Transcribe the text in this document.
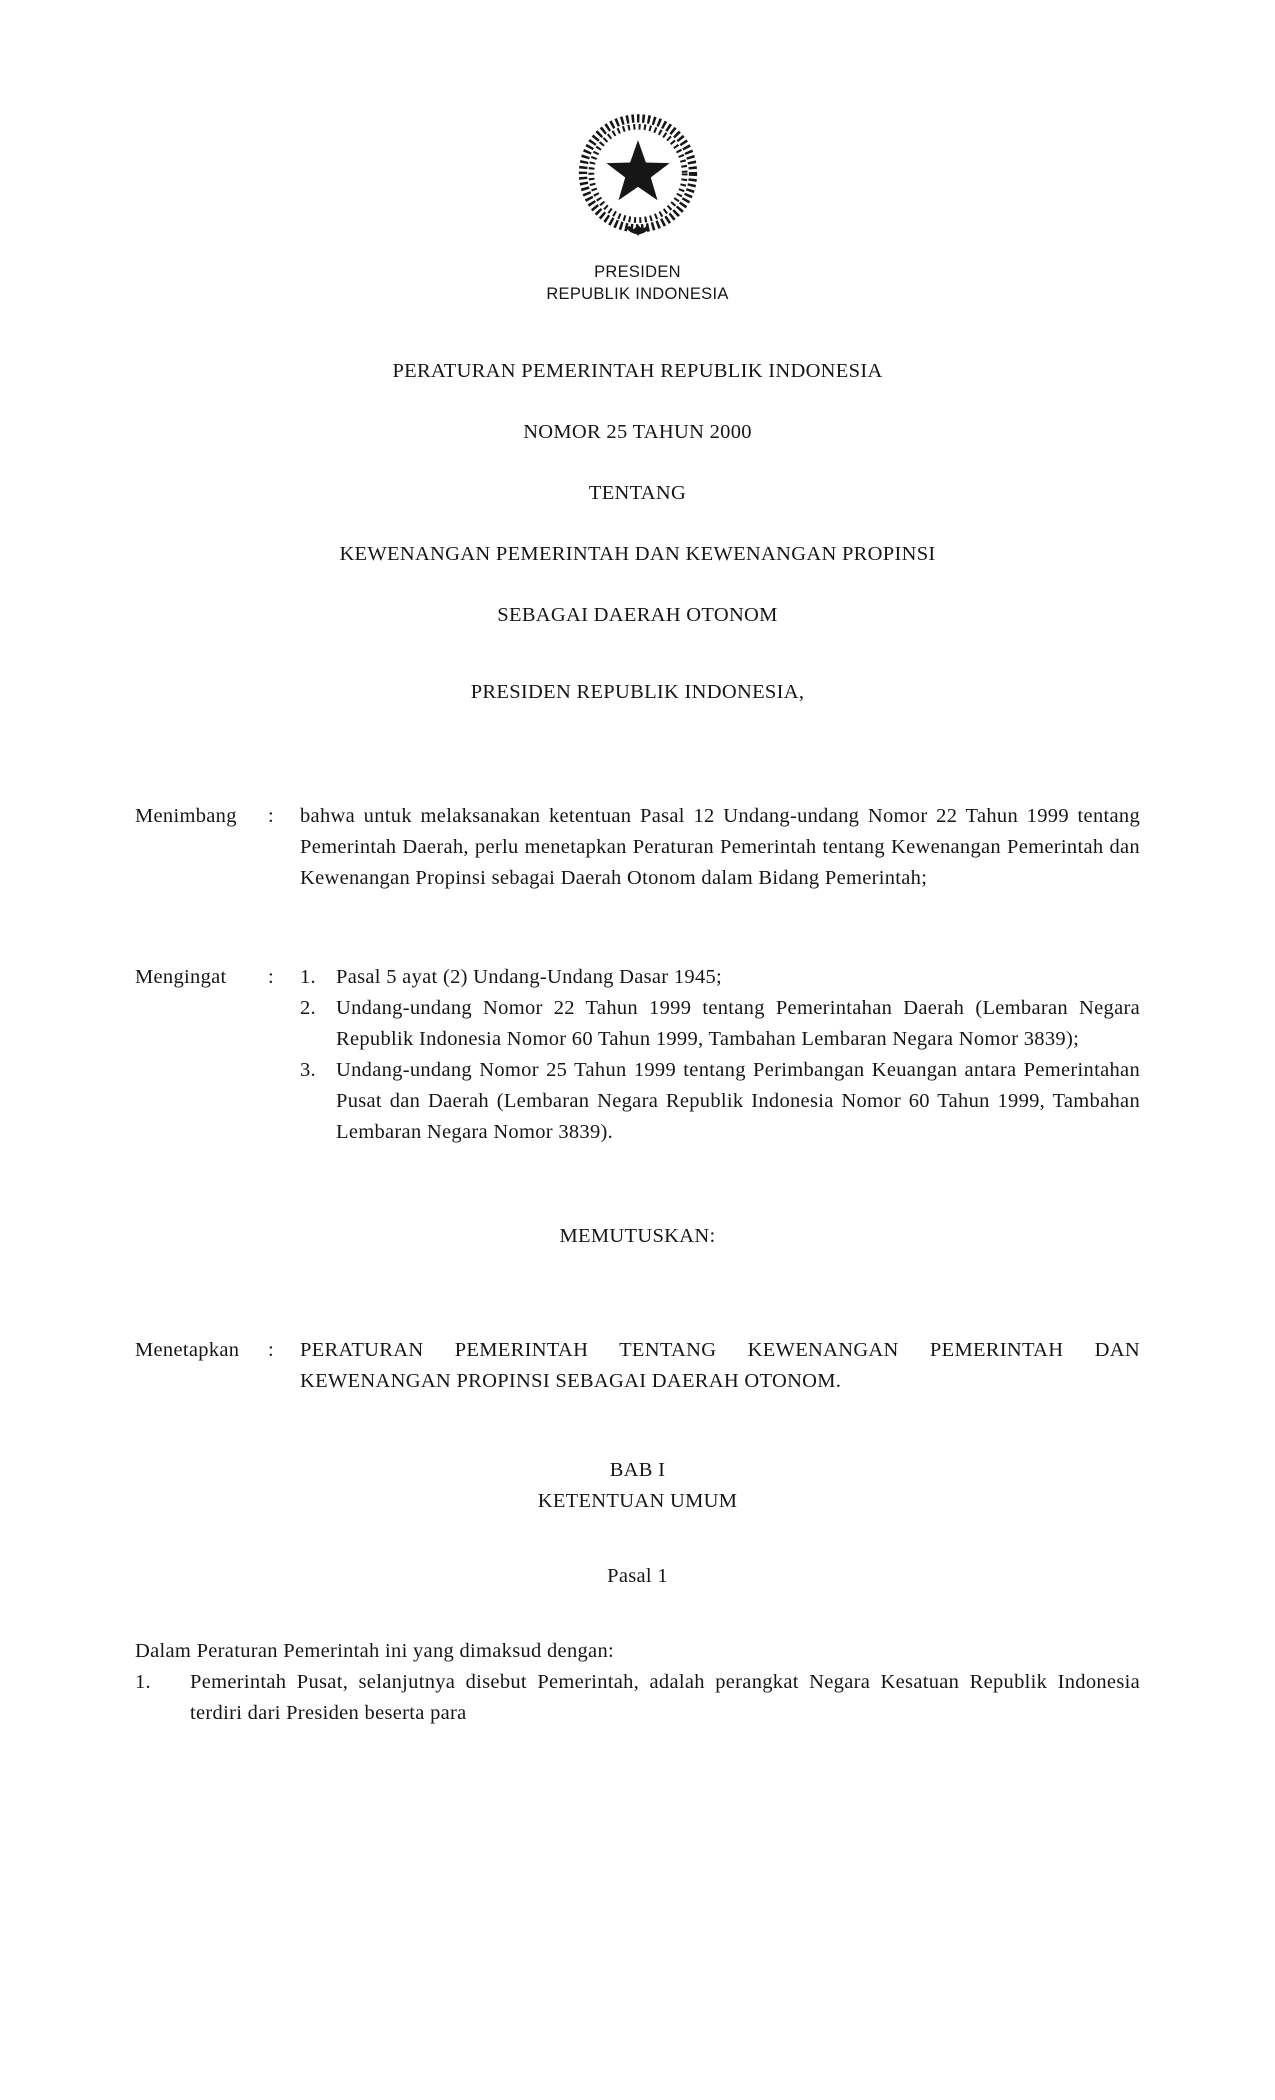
PRESIDEN
REPUBLIK INDONESIA
PERATURAN PEMERINTAH REPUBLIK INDONESIA
NOMOR 25 TAHUN 2000
TENTANG
KEWENANGAN PEMERINTAH DAN KEWENANGAN PROPINSI
SEBAGAI DAERAH OTONOM
PRESIDEN REPUBLIK INDONESIA,
Menimbang	:	bahwa untuk melaksanakan ketentuan Pasal 12 Undang-undang Nomor 22 Tahun 1999 tentang Pemerintah Daerah, perlu menetapkan Peraturan Pemerintah tentang Kewenangan Pemerintah dan Kewenangan Propinsi sebagai Daerah Otonom dalam Bidang Pemerintah;
Mengingat	:	1. Pasal 5 ayat (2) Undang-Undang Dasar 1945;
2. Undang-undang Nomor 22 Tahun 1999 tentang Pemerintahan Daerah (Lembaran Negara Republik Indonesia Nomor 60 Tahun 1999, Tambahan Lembaran Negara Nomor 3839);
3. Undang-undang Nomor 25 Tahun 1999 tentang Perimbangan Keuangan antara Pemerintahan Pusat dan Daerah (Lembaran Negara Republik Indonesia Nomor 60 Tahun 1999, Tambahan Lembaran Negara Nomor 3839).
MEMUTUSKAN:
Menetapkan	:	PERATURAN PEMERINTAH TENTANG KEWENANGAN PEMERINTAH DAN KEWENANGAN PROPINSI SEBAGAI DAERAH OTONOM.
BAB I
KETENTUAN UMUM
Pasal 1
Dalam Peraturan Pemerintah ini yang dimaksud dengan:
1.	Pemerintah Pusat, selanjutnya disebut Pemerintah, adalah perangkat Negara Kesatuan Republik Indonesia terdiri dari Presiden beserta para
